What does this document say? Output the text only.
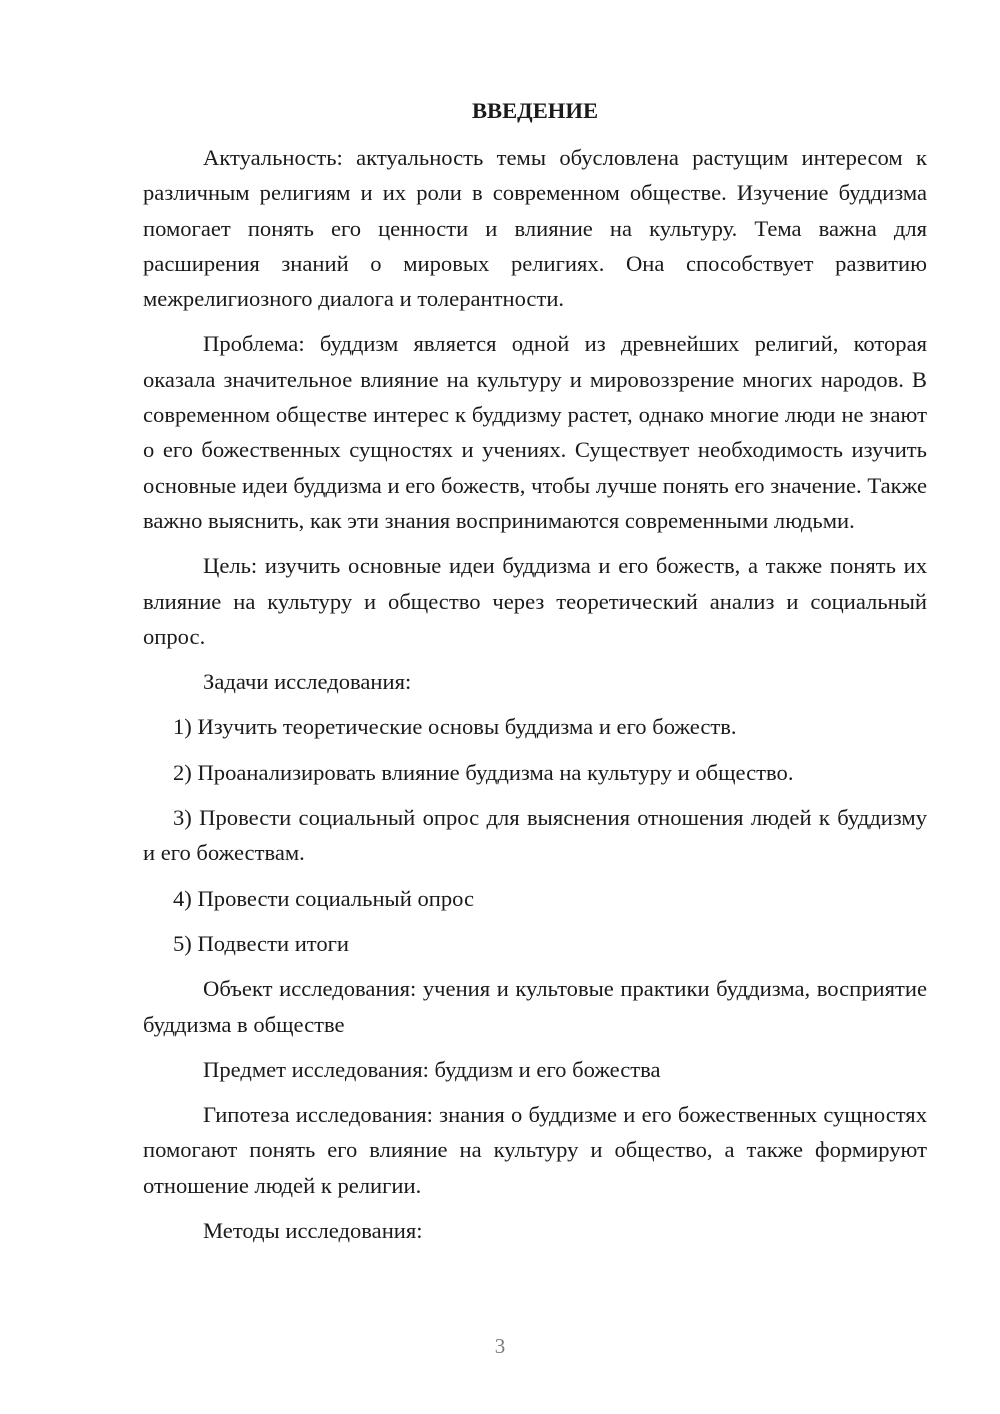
ВВЕДЕНИЕ

Актуальность: актуальность темы обусловлена растущим интересом к различным религиям и их роли в современном обществе. Изучение буддизма помогает понять его ценности и влияние на культуру. Тема важна для расширения знаний о мировых религиях. Она способствует развитию межрелигиозного диалога и толерантности.

Проблема: буддизм является одной из древнейших религий, которая оказала значительное влияние на культуру и мировоззрение многих народов. В современном обществе интерес к буддизму растет, однако многие люди не знают о его божественных сущностях и учениях. Существует необходимость изучить основные идеи буддизма и его божеств, чтобы лучше понять его значение. Также важно выяснить, как эти знания воспринимаются современными людьми.

Цель: изучить основные идеи буддизма и его божеств, а также понять их влияние на культуру и общество через теоретический анализ и социальный опрос.

Задачи исследования:

1) Изучить теоретические основы буддизма и его божеств.

2) Проанализировать влияние буддизма на культуру и общество.

3) Провести социальный опрос для выяснения отношения людей к буддизму и его божествам.

4) Провести социальный опрос

5) Подвести итоги

Объект исследования: учения и культовые практики буддизма, восприятие буддизма в обществе

Предмет исследования: буддизм и его божества

Гипотеза исследования: знания о буддизме и его божественных сущностях помогают понять его влияние на культуру и общество, а также формируют отношение людей к религии.

Методы исследования:

3
